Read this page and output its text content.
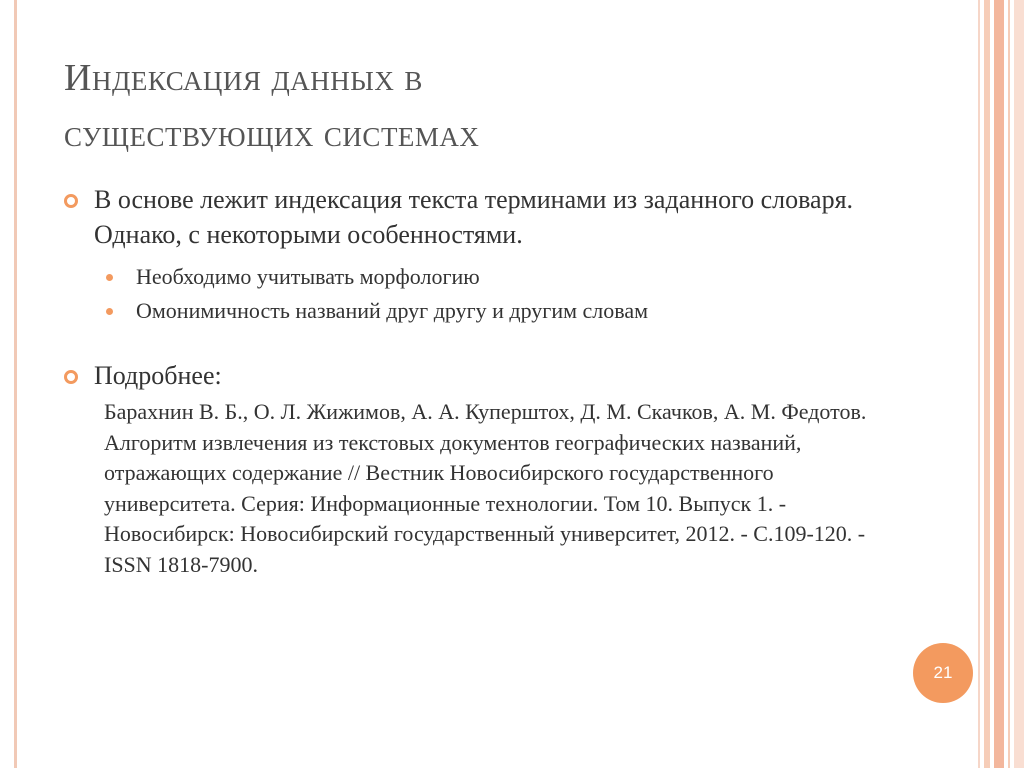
Индексация данных в
существующих системах
В основе лежит индексация текста терминами из заданного словаря. Однако, с некоторыми особенностями.
Необходимо учитывать морфологию
Омонимичность названий друг другу и другим словам
Подробнее:
Барахнин В. Б., О. Л. Жижимов, А. А. Куперштох, Д. М. Скачков, А. М. Федотов. Алгоритм извлечения из текстовых документов географических названий, отражающих содержание // Вестник Новосибирского государственного университета. Серия: Информационные технологии. Том 10. Выпуск 1. - Новосибирск: Новосибирский государственный университет, 2012. - С.109-120. - ISSN 1818-7900.
21
